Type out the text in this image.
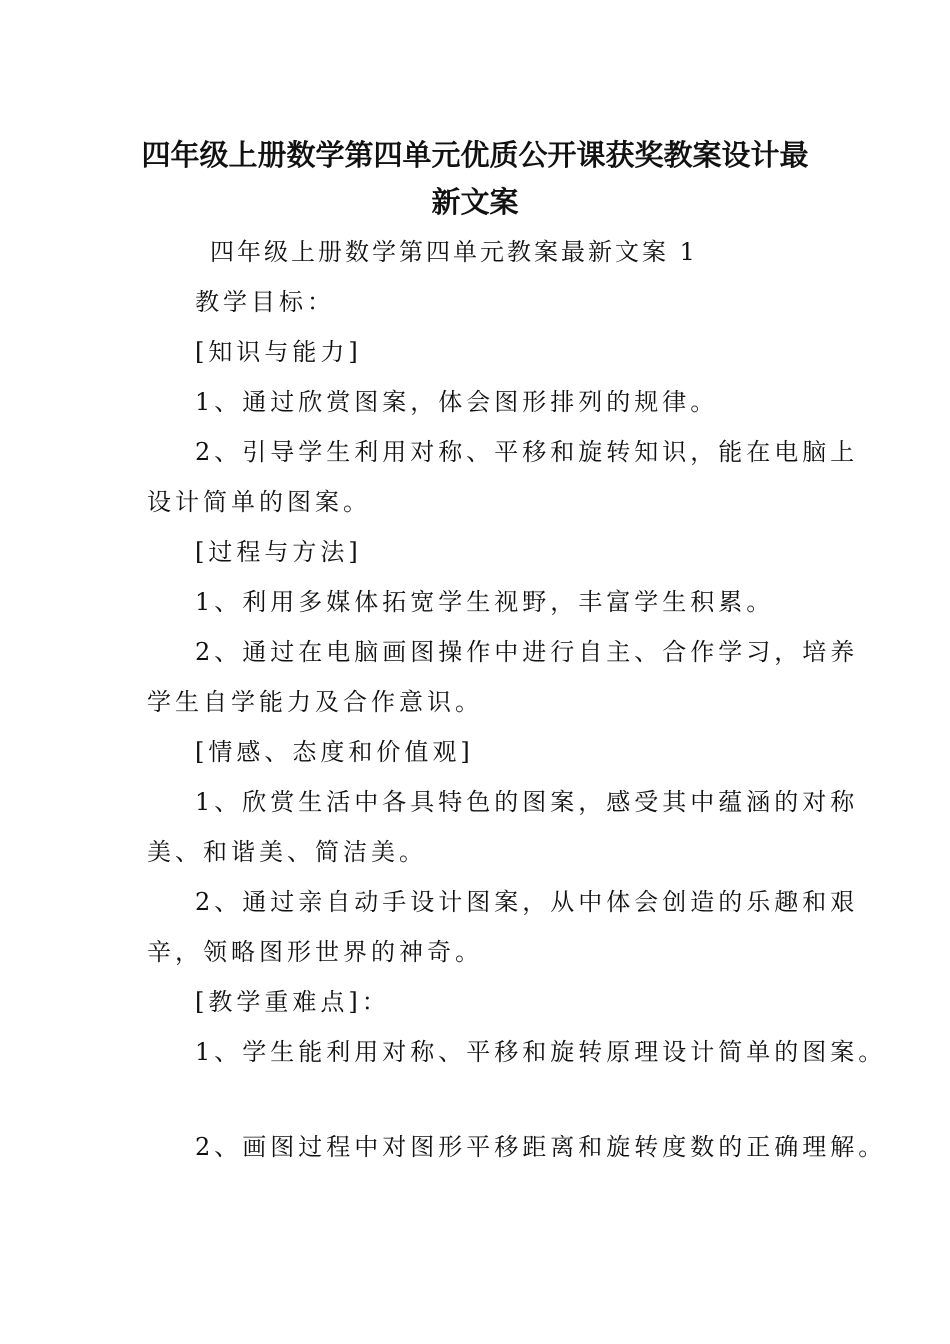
四年级上册数学第四单元优质公开课获奖教案设计最
新文案
四年级上册数学第四单元教案最新文案 1
教学目标：
[知识与能力]
1、通过欣赏图案，体会图形排列的规律。
2、引导学生利用对称、平移和旋转知识，能在电脑上
设计简单的图案。
[过程与方法]
1、利用多媒体拓宽学生视野，丰富学生积累。
2、通过在电脑画图操作中进行自主、合作学习，培养
学生自学能力及合作意识。
[情感、态度和价值观]
1、欣赏生活中各具特色的图案，感受其中蕴涵的对称
美、和谐美、简洁美。
2、通过亲自动手设计图案，从中体会创造的乐趣和艰
辛，领略图形世界的神奇。
[教学重难点]：
1、学生能利用对称、平移和旋转原理设计简单的图案。
2、画图过程中对图形平移距离和旋转度数的正确理解。
